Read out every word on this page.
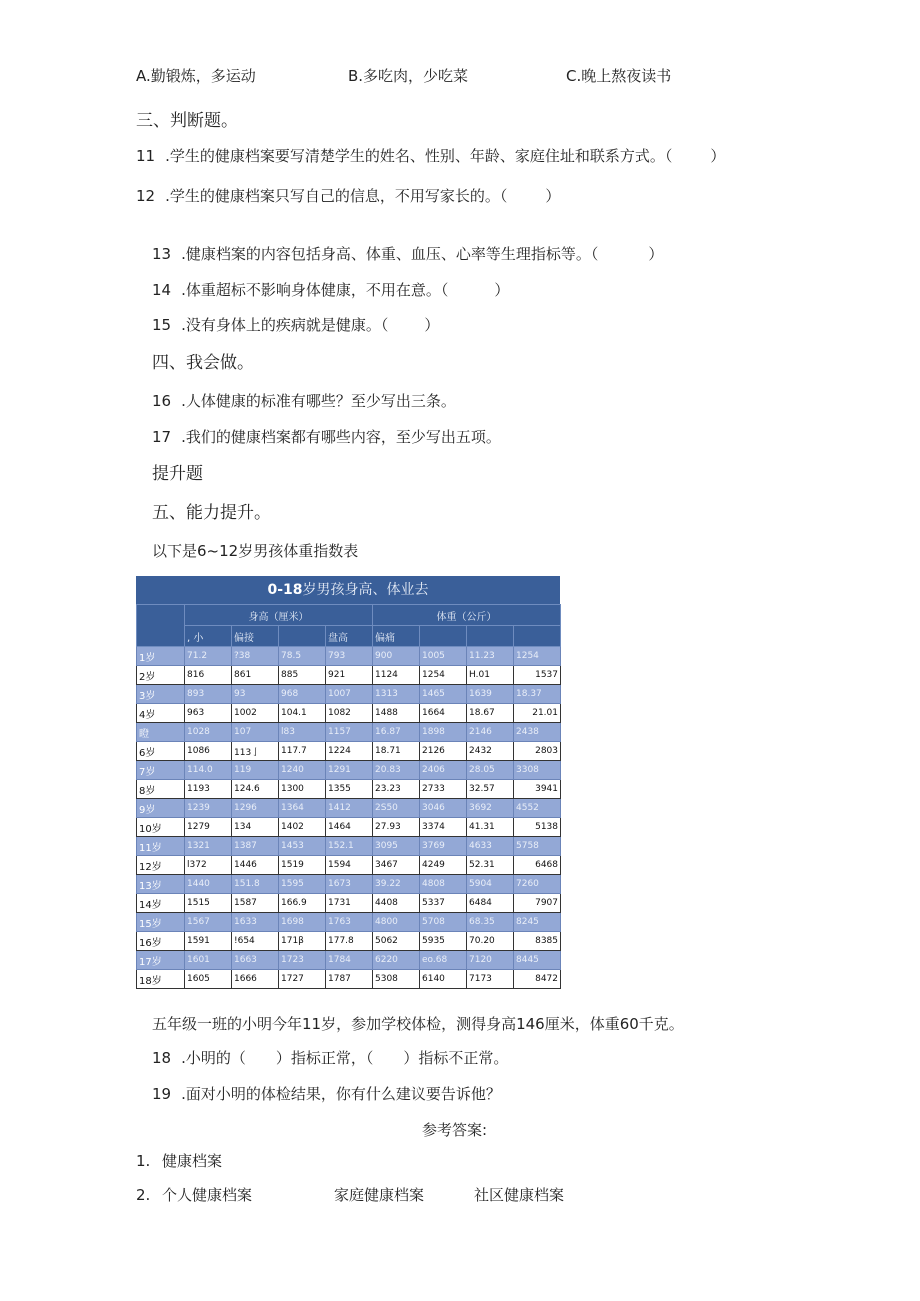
A.勤锻炼，多运动	B.多吃肉，少吃菜	C.晚上熬夜读书
三、判断题。
11 .学生的健康档案要写清楚学生的姓名、性别、年龄、家庭住址和联系方式。（	）
12 .学生的健康档案只写自己的信息，不用写家长的。（	）
13 .健康档案的内容包括身高、体重、血压、心率等生理指标等。（	）
14 .体重超标不影响身体健康，不用在意。（	）
15 .没有身体上的疾病就是健康。（ ）
四、我会做。
16 .人体健康的标准有哪些？至少写出三条。
17 .我们的健康档案都有哪些内容，至少写出五项。
提升题
五、能力提升。
以下是6~12岁男孩体重指数表
0-18岁男孩身高、体业去
	身高（厘米）				体重（公斤）			
	, 小	偏接		盘高	偏痛			
1岁	71.2	?38	78.5	793	900	1005	11.23	1254
2岁	816	861	885	921	1124	1254	H.01	1537
3岁	893	93	968	1007	1313	1465	1639	18.37
4岁	963	1002	104.1	1082	1488	1664	18.67	21.01
瞪	1028	107	l83	1157	16.87	1898	2146	2438
6岁	1086	113亅	117.7	1224	18.71	2126	2432	2803
7岁	114.0	119	1240	1291	20.83	2406	28.05	3308
8岁	1193	124.6	1300	1355	23.23	2733	32.57	3941
9岁	1239	1296	1364	1412	2S50	3046	3692	4552
10岁	1279	134	1402	1464	27.93	3374	41.31	5138
11岁	1321	1387	1453	152.1	3095	3769	4633	5758
12岁	l372	1446	1519	1594	3467	4249	52.31	6468
13岁	1440	151.8	1595	1673	39.22	4808	5904	7260
14岁	1515	1587	166.9	1731	4408	5337	6484	7907
15岁	1567	1633	1698	1763	4800	5708	68.35	8245
16岁	1591	!654	171β	177.8	5062	5935	70.20	8385
17岁	1601	1663	1723	1784	6220	eo.68	7120	8445
18岁	1605	1666	1727	1787	5308	6140	7173	8472
五年级一班的小明今年11岁，参加学校体检，测得身高146厘米，体重60千克。
18 .小明的（　　）指标正常，（　　）指标不正常。
19 .面对小明的体检结果，你有什么建议要告诉他？
参考答案:
1. 健康档案
2. 个人健康档案	家庭健康档案	社区健康档案
